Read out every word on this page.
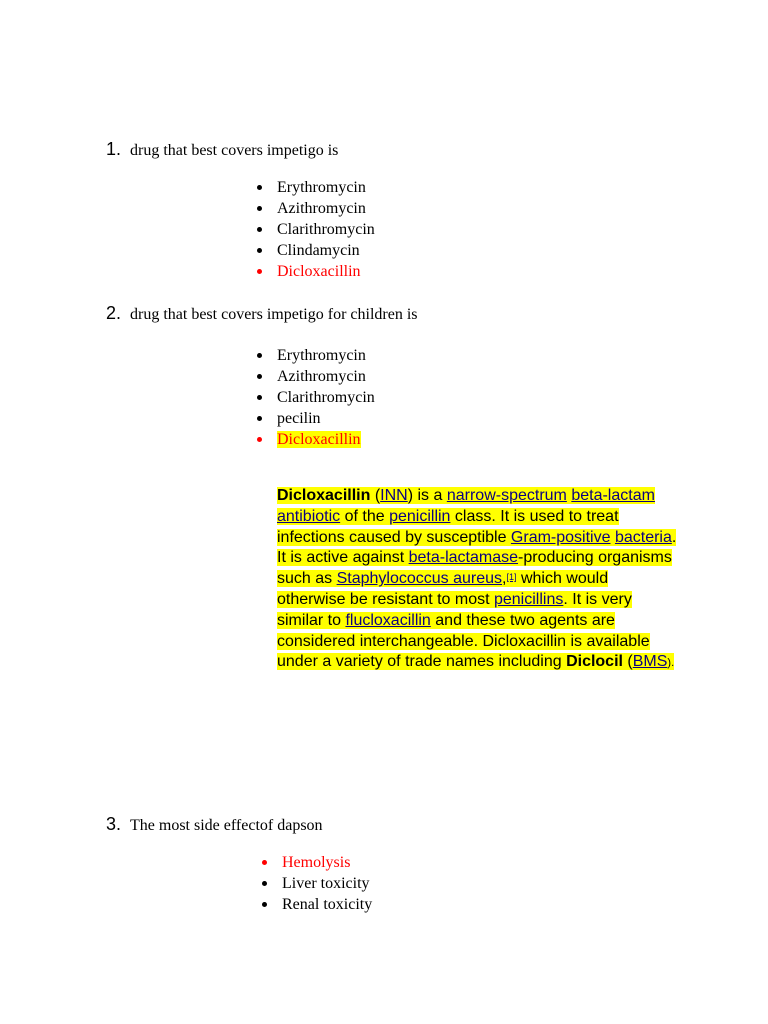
1. drug that best covers impetigo is
Erythromycin
Azithromycin
Clarithromycin
Clindamycin
Dicloxacillin
2. drug that best covers impetigo for children is
Erythromycin
Azithromycin
Clarithromycin
pecilin
Dicloxacillin

Dicloxacillin (INN) is a narrow-spectrum beta-lactam antibiotic of the penicillin class. It is used to treat infections caused by susceptible Gram-positive bacteria. It is active against beta-lactamase-producing organisms such as Staphylococcus aureus,[1] which would otherwise be resistant to most penicillins. It is very similar to flucloxacillin and these two agents are considered interchangeable. Dicloxacillin is available under a variety of trade names including Diclocil (BMS).

3. The most side effectof dapson
Hemolysis
Liver toxicity
Renal toxicity
